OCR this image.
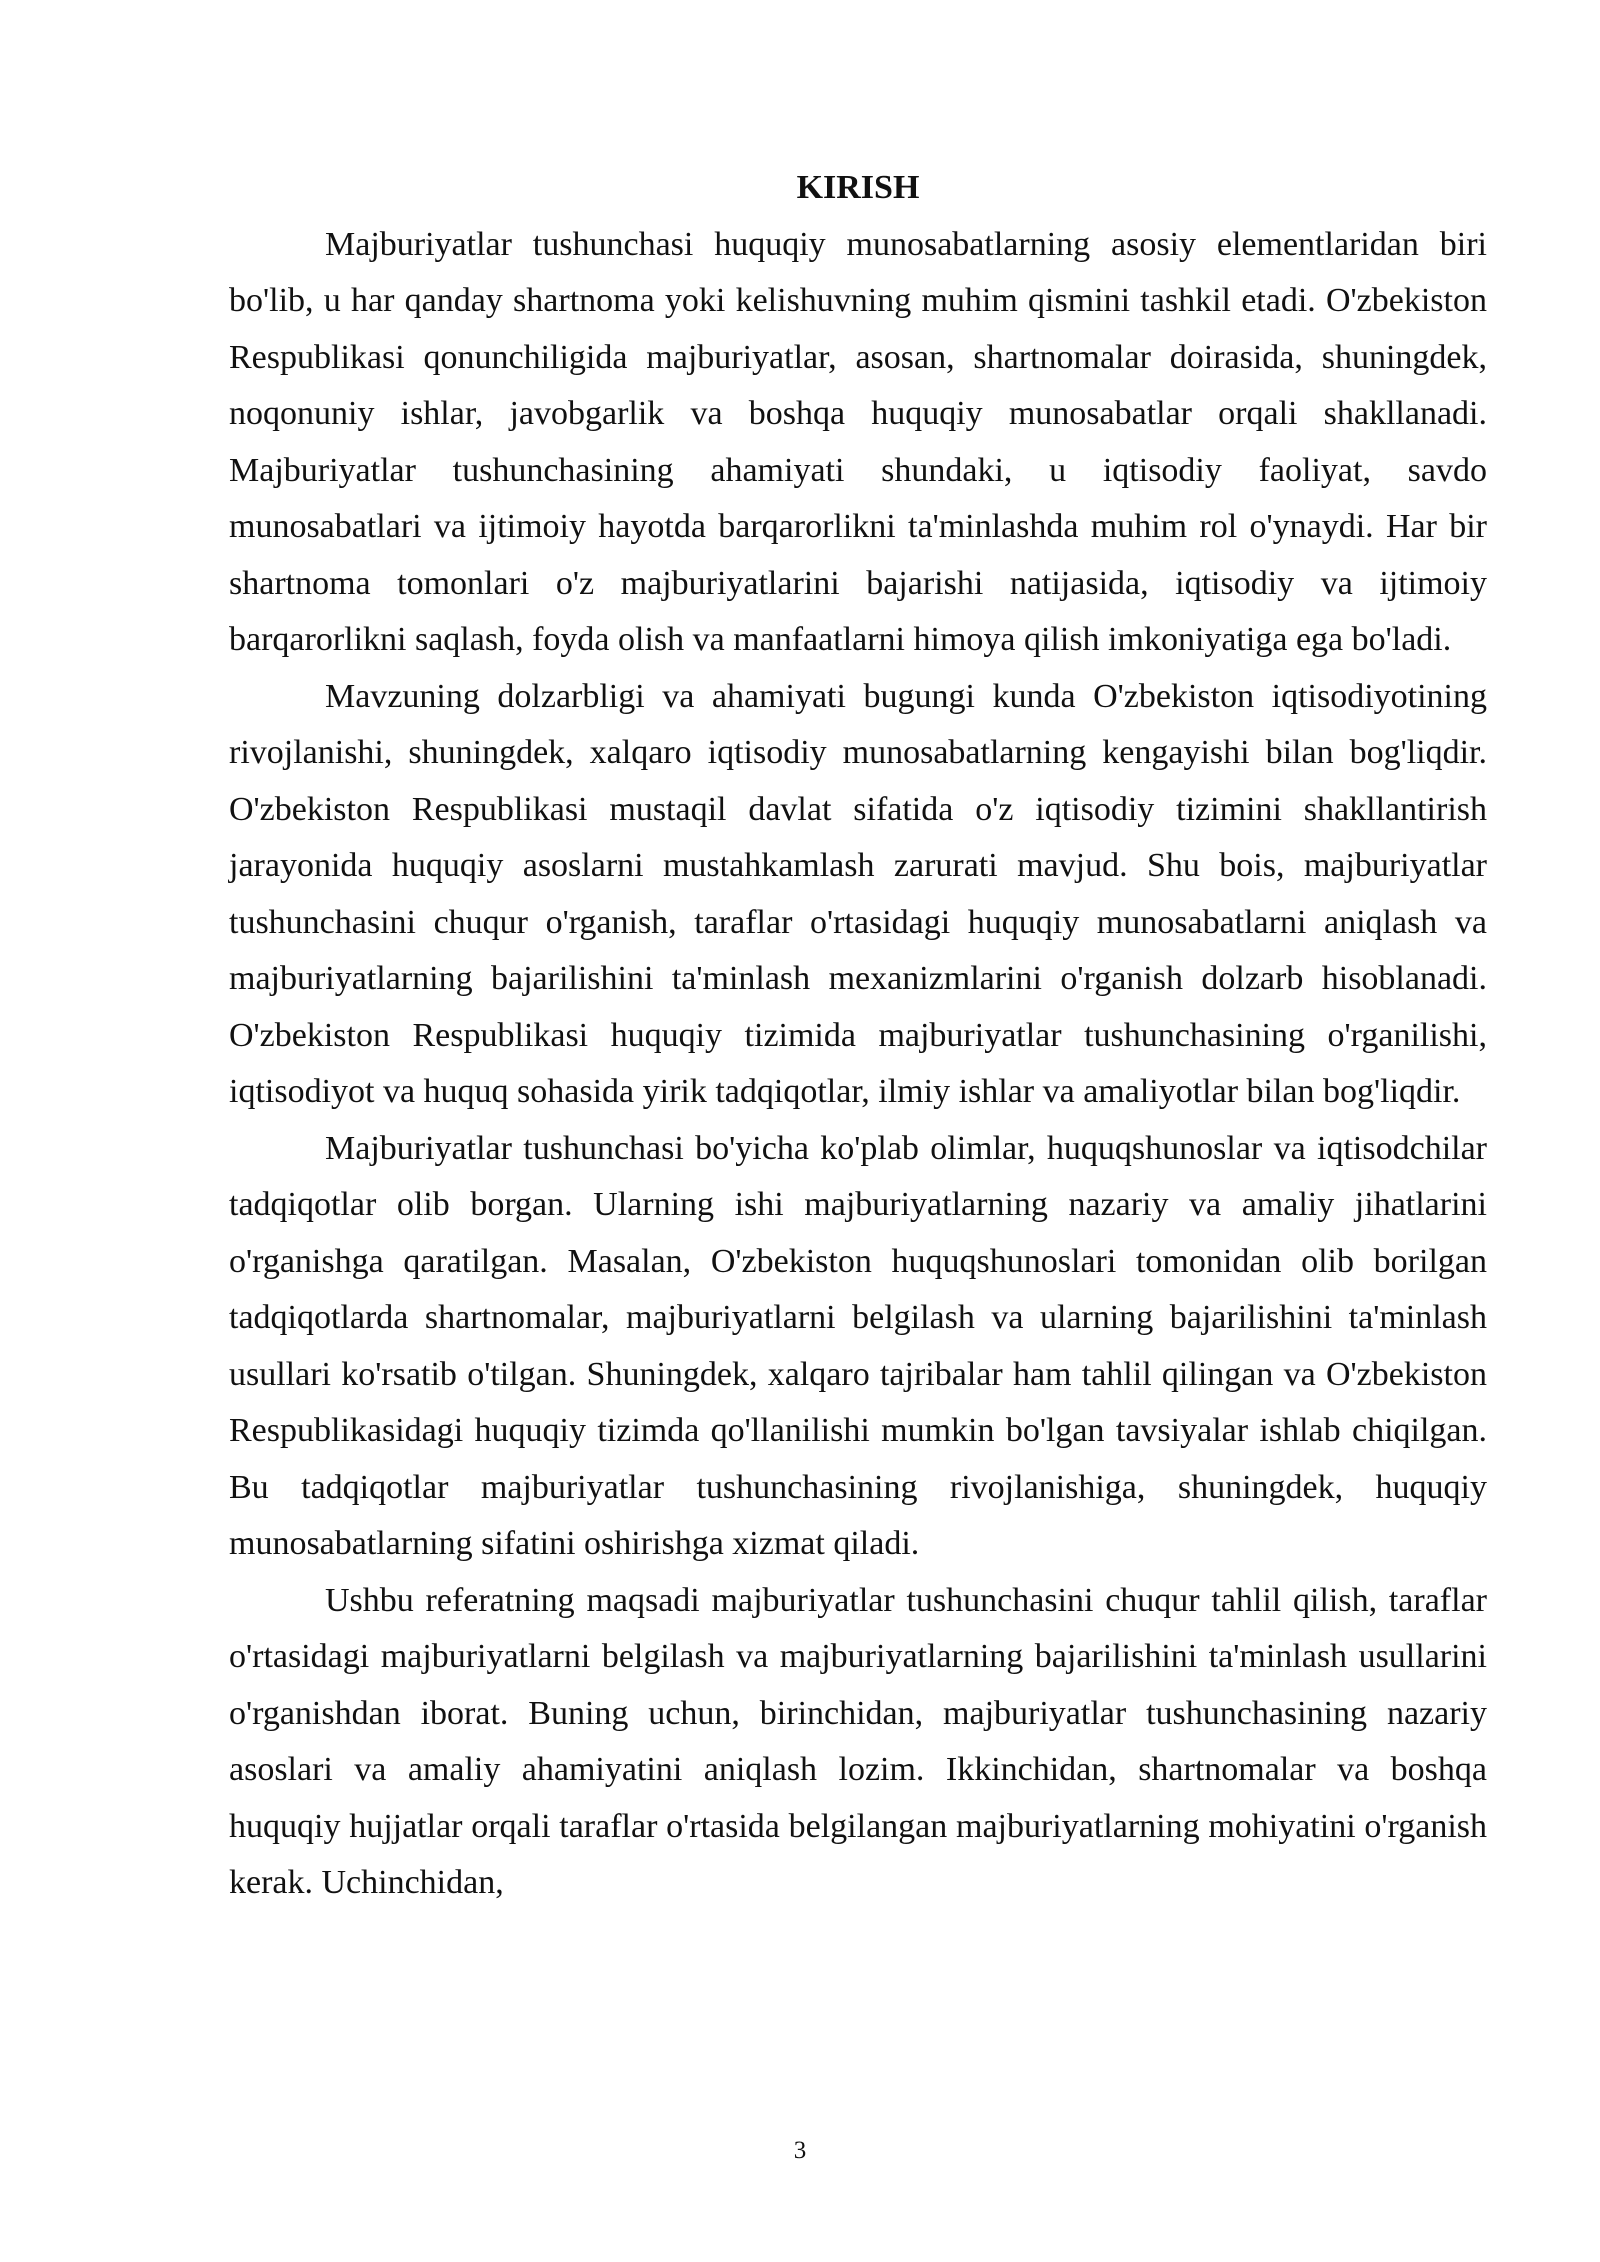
KIRISH

Majburiyatlar tushunchasi huquqiy munosabatlarning asosiy elementlaridan biri bo'lib, u har qanday shartnoma yoki kelishuvning muhim qismini tashkil etadi. O'zbekiston Respublikasi qonunchiligida majburiyatlar, asosan, shartnomalar doirasida, shuningdek, noqonuniy ishlar, javobgarlik va boshqa huquqiy munosabatlar orqali shakllanadi. Majburiyatlar tushunchasining ahamiyati shundaki, u iqtisodiy faoliyat, savdo munosabatlari va ijtimoiy hayotda barqarorlikni ta'minlashda muhim rol o'ynaydi. Har bir shartnoma tomonlari o'z majburiyatlarini bajarishi natijasida, iqtisodiy va ijtimoiy barqarorlikni saqlash, foyda olish va manfaatlarni himoya qilish imkoniyatiga ega bo'ladi.

Mavzuning dolzarbligi va ahamiyati bugungi kunda O'zbekiston iqtisodiyotining rivojlanishi, shuningdek, xalqaro iqtisodiy munosabatlarning kengayishi bilan bog'liqdir. O'zbekiston Respublikasi mustaqil davlat sifatida o'z iqtisodiy tizimini shakllantirish jarayonida huquqiy asoslarni mustahkamlash zarurati mavjud. Shu bois, majburiyatlar tushunchasini chuqur o'rganish, taraflar o'rtasidagi huquqiy munosabatlarni aniqlash va majburiyatlarning bajarilishini ta'minlash mexanizmlarini o'rganish dolzarb hisoblanadi. O'zbekiston Respublikasi huquqiy tizimida majburiyatlar tushunchasining o'rganilishi, iqtisodiyot va huquq sohasida yirik tadqiqotlar, ilmiy ishlar va amaliyotlar bilan bog'liqdir.

Majburiyatlar tushunchasi bo'yicha ko'plab olimlar, huquqshunoslar va iqtisodchilar tadqiqotlar olib borgan. Ularning ishi majburiyatlarning nazariy va amaliy jihatlarini o'rganishga qaratilgan. Masalan, O'zbekiston huquqshunoslari tomonidan olib borilgan tadqiqotlarda shartnomalar, majburiyatlarni belgilash va ularning bajarilishini ta'minlash usullari ko'rsatib o'tilgan. Shuningdek, xalqaro tajribalar ham tahlil qilingan va O'zbekiston Respublikasidagi huquqiy tizimda qo'llanilishi mumkin bo'lgan tavsiyalar ishlab chiqilgan. Bu tadqiqotlar majburiyatlar tushunchasining rivojlanishiga, shuningdek, huquqiy munosabatlarning sifatini oshirishga xizmat qiladi.

Ushbu referatning maqsadi majburiyatlar tushunchasini chuqur tahlil qilish, taraflar o'rtasidagi majburiyatlarni belgilash va majburiyatlarning bajarilishini ta'minlash usullarini o'rganishdan iborat. Buning uchun, birinchidan, majburiyatlar tushunchasining nazariy asoslari va amaliy ahamiyatini aniqlash lozim. Ikkinchidan, shartnomalar va boshqa huquqiy hujjatlar orqali taraflar o'rtasida belgilangan majburiyatlarning mohiyatini o'rganish kerak. Uchinchidan,

3
